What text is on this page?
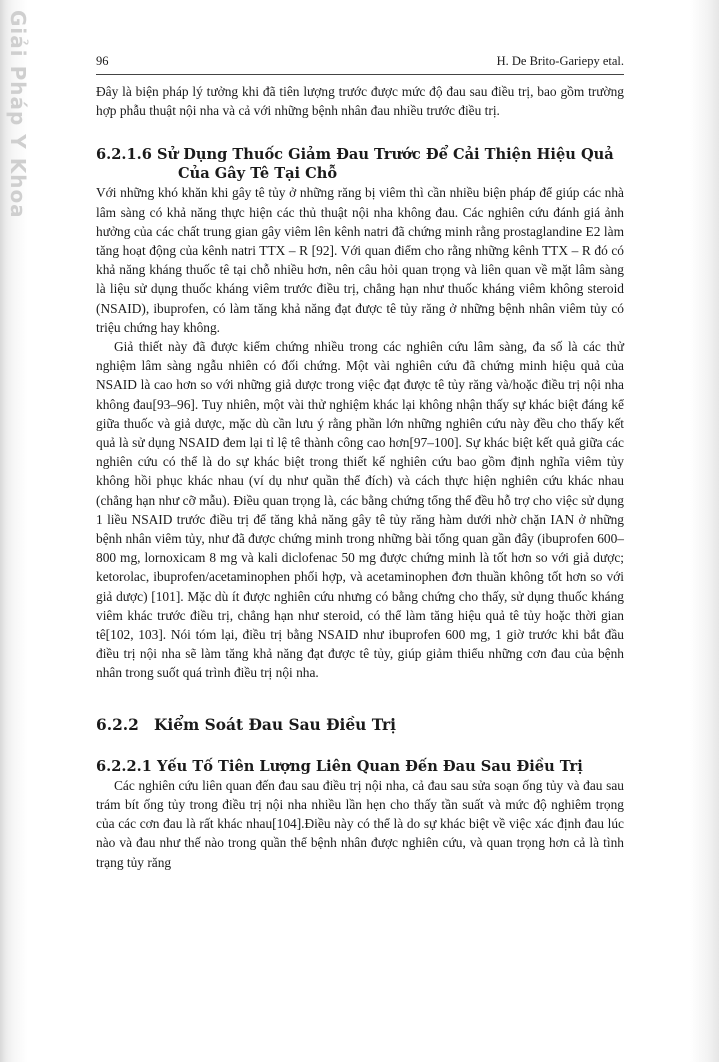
Giải Pháp Y Khoa	96	H. De Brito-Gariepy etal.

Đây là biện pháp lý tưởng khi đã tiên lượng trước được mức độ đau sau điều trị, bao gồm trường hợp phẫu thuật nội nha và cả với những bệnh nhân đau nhiều trước điều trị.

6.2.1.6 Sử Dụng Thuốc Giảm Đau Trước Để Cải Thiện Hiệu Quả Của Gây Tê Tại Chỗ

Với những khó khăn khi gây tê tủy ở những răng bị viêm thì cần nhiều biện pháp để giúp các nhà lâm sàng có khả năng thực hiện các thủ thuật nội nha không đau. Các nghiên cứu đánh giá ảnh hưởng của các chất trung gian gây viêm lên kênh natri đã chứng minh rằng prostaglandine E2 làm tăng hoạt động của kênh natri TTX – R [92]. Với quan điểm cho rằng những kênh TTX – R đó có khả năng kháng thuốc tê tại chỗ nhiều hơn, nên câu hỏi quan trọng và liên quan về mặt lâm sàng là liệu sử dụng thuốc kháng viêm trước điều trị, chẳng hạn như thuốc kháng viêm không steroid (NSAID), ibuprofen, có làm tăng khả năng đạt được tê tủy răng ở những bệnh nhân viêm tủy có triệu chứng hay không.

Giả thiết này đã được kiểm chứng nhiều trong các nghiên cứu lâm sàng, đa số là các thử nghiệm lâm sàng ngẫu nhiên có đối chứng. Một vài nghiên cứu đã chứng minh hiệu quả của NSAID là cao hơn so với những giả dược trong việc đạt được tê tủy răng và/hoặc điều trị nội nha không đau[93–96]. Tuy nhiên, một vài thử nghiệm khác lại không nhận thấy sự khác biệt đáng kể giữa thuốc và giả dược, mặc dù cần lưu ý rằng phần lớn những nghiên cứu này đều cho thấy kết quả là sử dụng NSAID đem lại tỉ lệ tê thành công cao hơn[97–100]. Sự khác biệt kết quả giữa các nghiên cứu có thể là do sự khác biệt trong thiết kế nghiên cứu bao gồm định nghĩa viêm tủy không hồi phục khác nhau (ví dụ như quần thể đích) và cách thực hiện nghiên cứu khác nhau (chẳng hạn như cỡ mẫu). Điều quan trọng là, các bằng chứng tổng thể đều hỗ trợ cho việc sử dụng 1 liều NSAID trước điều trị để tăng khả năng gây tê tủy răng hàm dưới nhờ chặn IAN ở những bệnh nhân viêm tủy, như đã được chứng minh trong những bài tổng quan gần đây (ibuprofen 600–800 mg, lornoxicam 8 mg và kali diclofenac 50 mg được chứng minh là tốt hơn so với giả dược; ketorolac, ibuprofen/acetaminophen phối hợp, và acetaminophen đơn thuần không tốt hơn so với giả dược) [101]. Mặc dù ít được nghiên cứu nhưng có bằng chứng cho thấy, sử dụng thuốc kháng viêm khác trước điều trị, chẳng hạn như steroid, có thể làm tăng hiệu quả tê tủy hoặc thời gian tê[102, 103]. Nói tóm lại, điều trị bằng NSAID như ibuprofen 600 mg, 1 giờ trước khi bắt đầu điều trị nội nha sẽ làm tăng khả năng đạt được tê tủy, giúp giảm thiểu những cơn đau của bệnh nhân trong suốt quá trình điều trị nội nha.

6.2.2 Kiểm Soát Đau Sau Điều Trị
6.2.2.1 Yếu Tố Tiên Lượng Liên Quan Đến Đau Sau Điều Trị

Các nghiên cứu liên quan đến đau sau điều trị nội nha, cả đau sau sửa soạn ống tủy và đau sau trám bít ống tủy trong điều trị nội nha nhiều lần hẹn cho thấy tần suất và mức độ nghiêm trọng của các cơn đau là rất khác nhau[104].Điều này có thể là do sự khác biệt về việc xác định đau lúc nào và đau như thế nào trong quần thể bệnh nhân được nghiên cứu, và quan trọng hơn cả là tình trạng tủy răng
